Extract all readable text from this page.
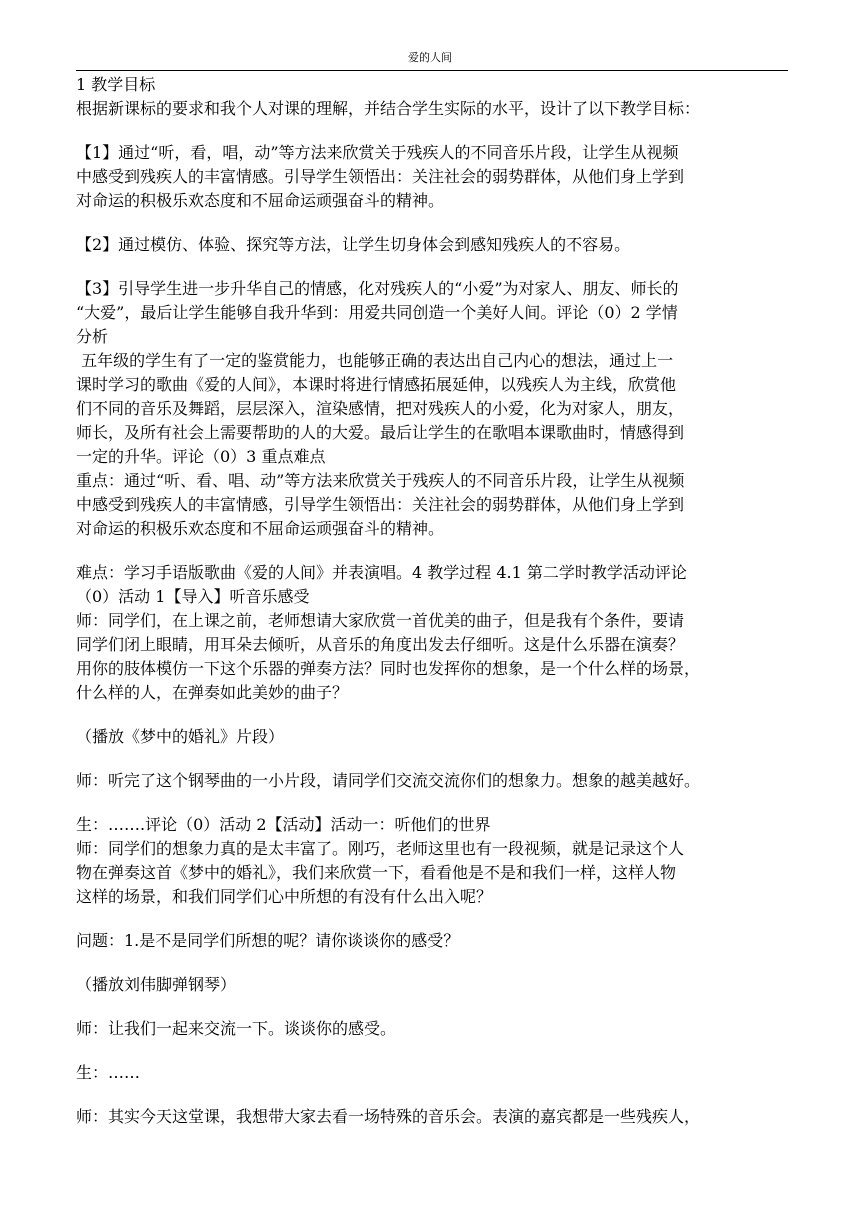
爱的人间

1 教学目标
根据新课标的要求和我个人对课的理解，并结合学生实际的水平，设计了以下教学目标：

【1】通过“听，看，唱，动”等方法来欣赏关于残疾人的不同音乐片段，让学生从视频
中感受到残疾人的丰富情感。引导学生领悟出：关注社会的弱势群体，从他们身上学到
对命运的积极乐欢态度和不屈命运顽强奋斗的精神。

【2】通过模仿、体验、探究等方法，让学生切身体会到感知残疾人的不容易。

【3】引导学生进一步升华自己的情感，化对残疾人的“小爱”为对家人、朋友、师长的
“大爱”，最后让学生能够自我升华到：用爱共同创造一个美好人间。评论（0）2 学情
分析
五年级的学生有了一定的鉴赏能力，也能够正确的表达出自己内心的想法，通过上一
课时学习的歌曲《爱的人间》，本课时将进行情感拓展延伸，以残疾人为主线，欣赏他
们不同的音乐及舞蹈，层层深入，渲染感情，把对残疾人的小爱，化为对家人，朋友，
师长，及所有社会上需要帮助的人的大爱。最后让学生的在歌唱本课歌曲时，情感得到
一定的升华。评论（0）3 重点难点
重点：通过“听、看、唱、动”等方法来欣赏关于残疾人的不同音乐片段，让学生从视频
中感受到残疾人的丰富情感，引导学生领悟出：关注社会的弱势群体，从他们身上学到
对命运的积极乐欢态度和不屈命运顽强奋斗的精神。

难点：学习手语版歌曲《爱的人间》并表演唱。4 教学过程 4.1 第二学时教学活动评论
（0）活动 1【导入】听音乐感受
师：同学们，在上课之前，老师想请大家欣赏一首优美的曲子，但是我有个条件，要请
同学们闭上眼睛，用耳朵去倾听，从音乐的角度出发去仔细听。这是什么乐器在演奏？
用你的肢体模仿一下这个乐器的弹奏方法？同时也发挥你的想象，是一个什么样的场景，
什么样的人，在弹奏如此美妙的曲子？

（播放《梦中的婚礼》片段）

师：听完了这个钢琴曲的一小片段，请同学们交流交流你们的想象力。想象的越美越好。

生：…….评论（0）活动 2【活动】活动一：听他们的世界
师：同学们的想象力真的是太丰富了。刚巧，老师这里也有一段视频，就是记录这个人
物在弹奏这首《梦中的婚礼》，我们来欣赏一下，看看他是不是和我们一样，这样人物
这样的场景，和我们同学们心中所想的有没有什么出入呢？

问题：1.是不是同学们所想的呢？请你谈谈你的感受？

（播放刘伟脚弹钢琴）

师：让我们一起来交流一下。谈谈你的感受。

生：……

师：其实今天这堂课，我想带大家去看一场特殊的音乐会。表演的嘉宾都是一些残疾人，
